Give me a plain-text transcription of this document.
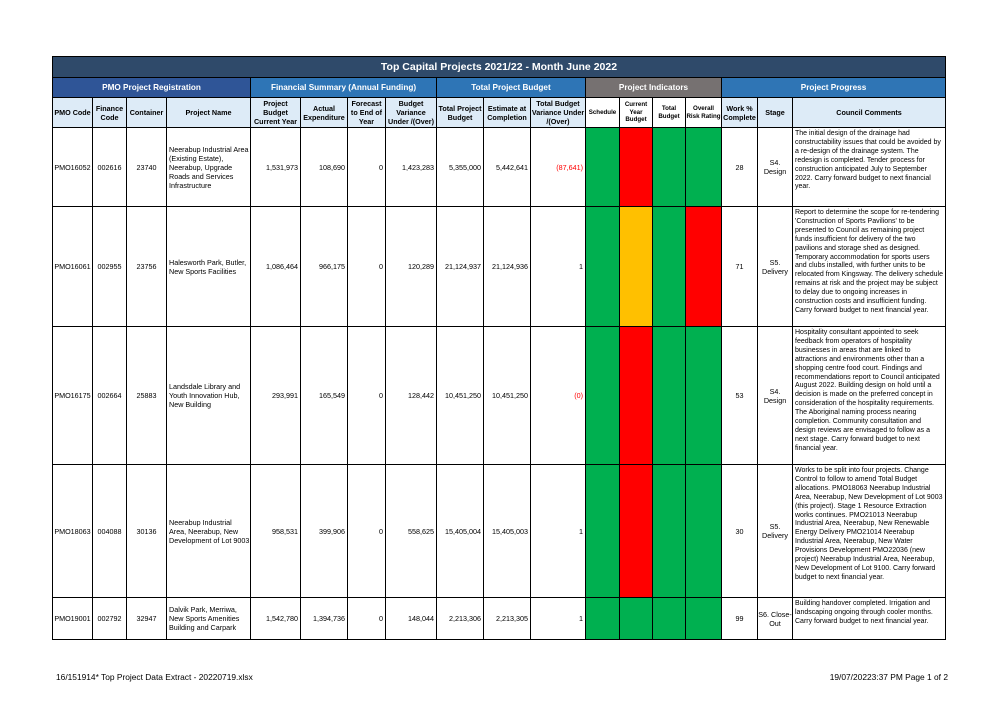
Top Capital Projects 2021/22 - Month June 2022																	
PMO Project Registration				Financial Summary (Annual Funding)				Total Project Budget			Project Indicators				Project Progress		
PMO Code	Finance Code	Container	Project Name	Project Budget Current Year	Actual Expenditure	Forecast to End of Year	Budget Variance Under /(Over)	Total Project Budget	Estimate at Completion	Total Budget Variance Under /(Over)	Schedule	Current Year Budget	Total Budget	Overall Risk Rating	Work % Complete	Stage	Council Comments
PMO16052	002616	23740	Neerabup Industrial Area (Existing Estate), Neerabup, Upgrade Roads and Services Infrastructure	1,531,973	108,690	0	1,423,283	5,355,000	5,442,641	(87,641)					28	S4. Design	The initial design of the drainage had constructability issues that could be avoided by a re-design of the drainage system. The redesign is completed. Tender process for construction anticipated July to September 2022. Carry forward budget to next financial year.
PMO16061	002955	23756	Halesworth Park, Butler, New Sports Facilities	1,086,464	966,175	0	120,289	21,124,937	21,124,936	1					71	S5. Delivery	Report to determine the scope for re-tendering 'Construction of Sports Pavilions' to be presented to Council as remaining project funds insufficient for delivery of the two pavilions and storage shed as designed. Temporary accommodation for sports users and clubs installed, with further units to be relocated from Kingsway. The delivery schedule remains at risk and the project may be subject to delay due to ongoing increases in construction costs and insufficient funding. Carry forward budget to next financial year.
PMO16175	002664	25883	Landsdale Library and Youth Innovation Hub, New Building	293,991	165,549	0	128,442	10,451,250	10,451,250	(0)					53	S4. Design	Hospitality consultant appointed to seek feedback from operators of hospitality businesses in areas that are linked to attractions and environments other than a shopping centre food court. Findings and recommendations report to Council anticipated August 2022. Building design on hold until a decision is made on the preferred concept in consideration of the hospitality requirements. The Aboriginal naming process nearing completion. Community consultation and design reviews are envisaged to follow as a next stage. Carry forward budget to next financial year.
PMO18063	004088	30136	Neerabup Industrial Area, Neerabup, New Development of Lot 9003	958,531	399,906	0	558,625	15,405,004	15,405,003	1					30	S5. Delivery	Works to be split into four projects. Change Control to follow to amend Total Budget allocations. PMO18063 Neerabup Industrial Area, Neerabup, New Development of Lot 9003 (this project). Stage 1 Resource Extraction works continues. PMO21013 Neerabup Industrial Area, Neerabup, New Renewable Energy Delivery PMO21014 Neerabup Industrial Area, Neerabup, New Water Provisions Development PMO22036 (new project) Neerabup Industrial Area, Neerabup, New Development of Lot 9100. Carry forward budget to next financial year.
PMO19001	002792	32947	Dalvik Park, Merriwa, New Sports Amenities Building and Carpark	1,542,780	1,394,736	0	148,044	2,213,306	2,213,305	1					99	S6. Close-Out	Building handover completed. Irrigation and landscaping ongoing through cooler months. Carry forward budget to next financial year.
16/151914* Top Project Data Extract - 20220719.xlsx	19/07/20223:37 PM Page 1 of 2
